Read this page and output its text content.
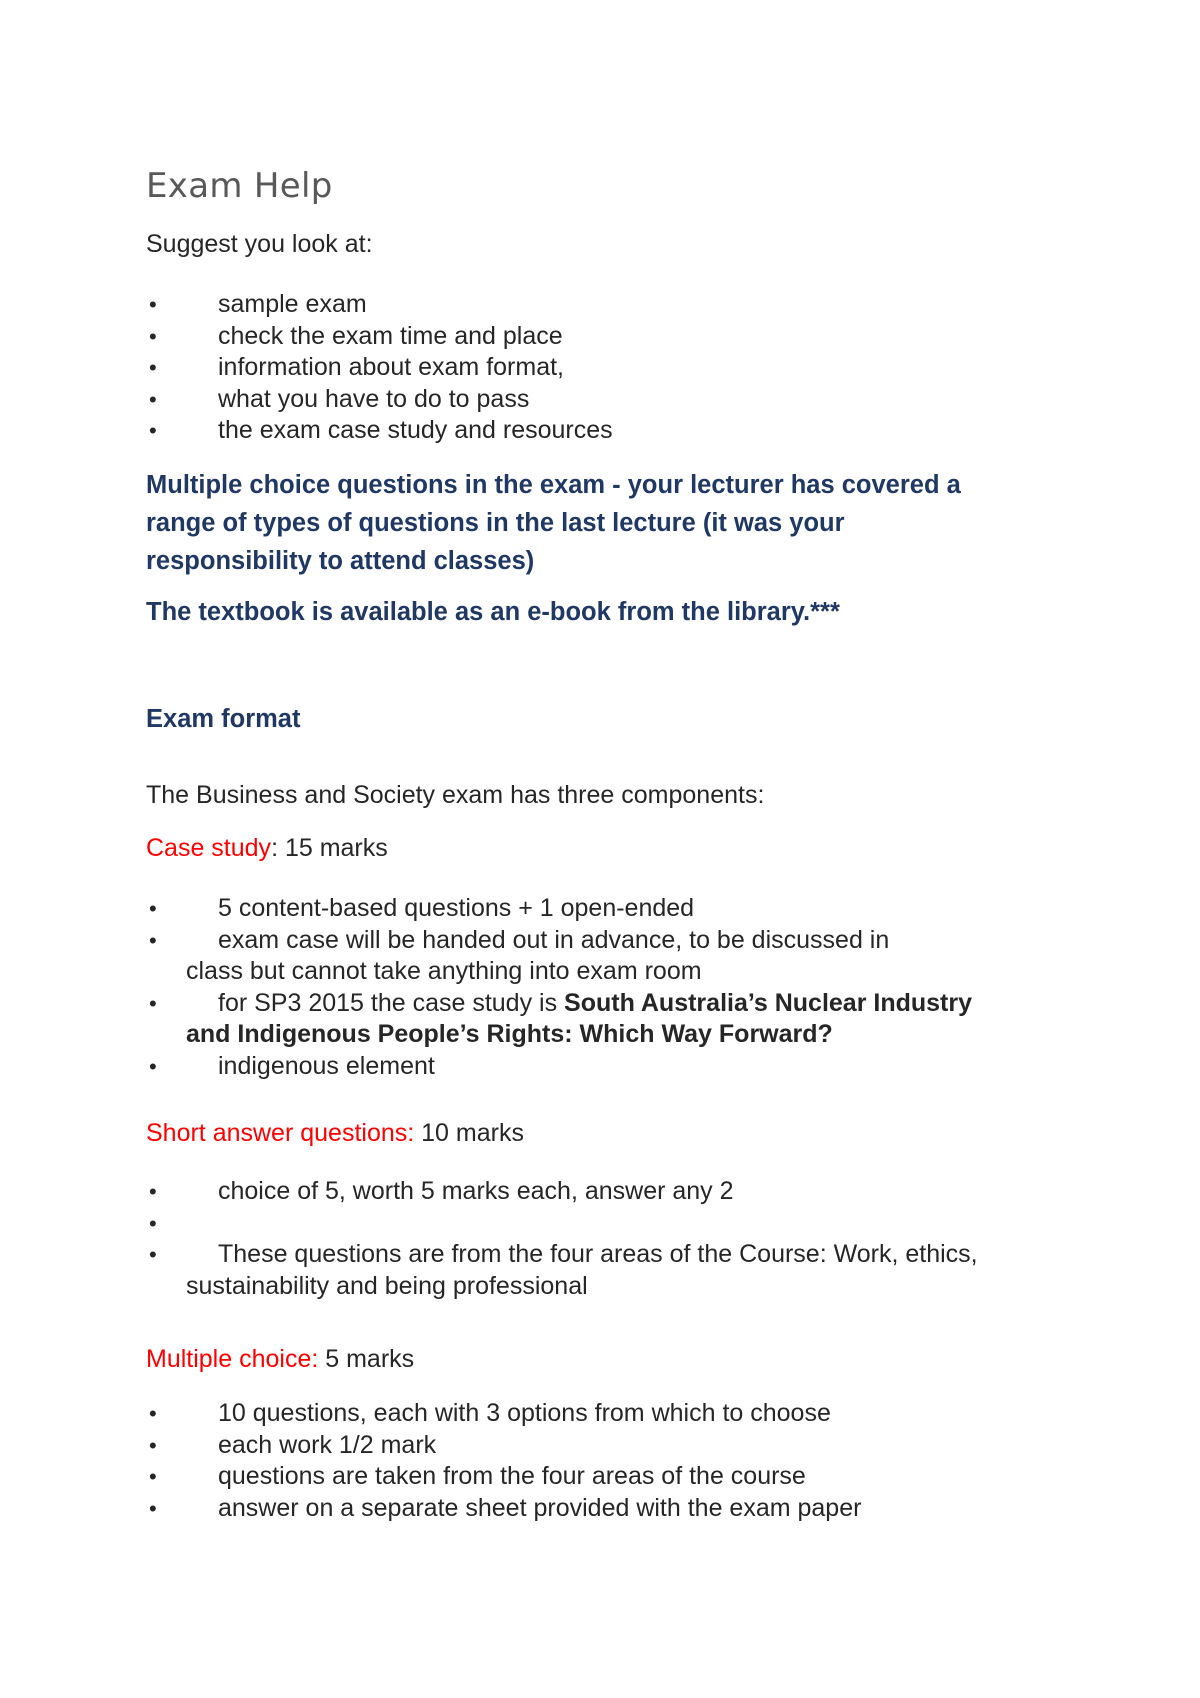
Exam Help

Suggest you look at:

• sample exam
• check the exam time and place
• information about exam format,
• what you have to do to pass
• the exam case study and resources
Multiple choice questions in the exam - your lecturer has covered a
range of types of questions in the last lecture (it was your
responsibility to attend classes)

The textbook is available as an e-book from the library.***

Exam format

The Business and Society exam has three components:

Case study: 15 marks

• 5 content-based questions + 1 open-ended
• exam case will be handed out in advance, to be discussed in
class but cannot take anything into exam room
• for SP3 2015 the case study is South Australia’s Nuclear Industry
and Indigenous People’s Rights: Which Way Forward?
• indigenous element

Short answer questions: 10 marks

• choice of 5, worth 5 marks each, answer any 2
•
• These questions are from the four areas of the Course: Work, ethics,
sustainability and being professional

Multiple choice: 5 marks

• 10 questions, each with 3 options from which to choose
• each work 1/2 mark
• questions are taken from the four areas of the course
• answer on a separate sheet provided with the exam paper
